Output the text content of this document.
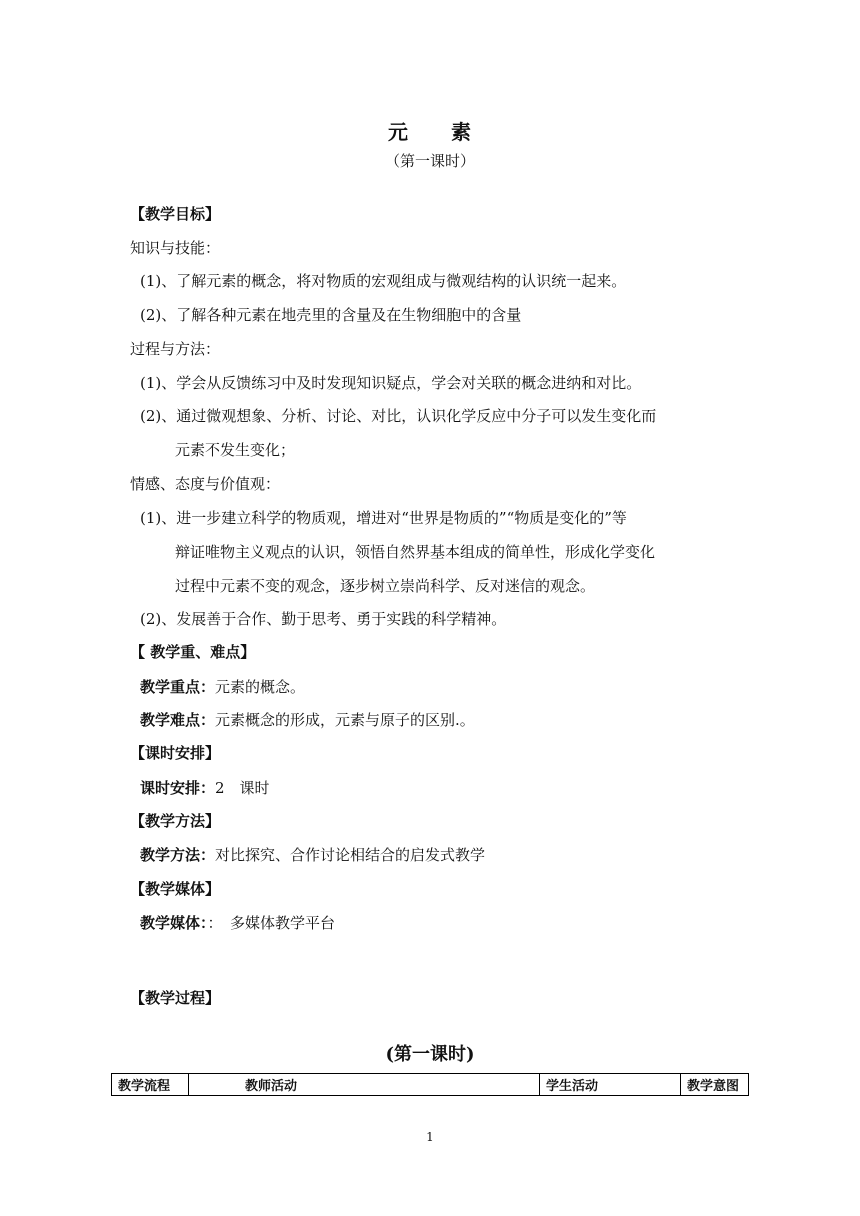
元　　素
（第一课时）
【教学目标】
知识与技能：
(1)、了解元素的概念，将对物质的宏观组成与微观结构的认识统一起来。
(2)、了解各种元素在地壳里的含量及在生物细胞中的含量
过程与方法：
(1)、学会从反馈练习中及时发现知识疑点，学会对关联的概念进纳和对比。
(2)、通过微观想象、分析、讨论、对比，认识化学反应中分子可以发生变化而
元素不发生变化；
情感、态度与价值观：
(1)、进一步建立科学的物质观，增进对“世界是物质的”“物质是变化的”等
辩证唯物主义观点的认识，领悟自然界基本组成的简单性，形成化学变化
过程中元素不变的观念，逐步树立崇尚科学、反对迷信的观念。
(2)、发展善于合作、勤于思考、勇于实践的科学精神。
【 教学重、难点】
教学重点：元素的概念。
教学难点：元素概念的形成，元素与原子的区别.。
【课时安排】
课时安排：2　课时
【教学方法】
教学方法：对比探究、合作讨论相结合的启发式教学
【教学媒体】
教学媒体：：　多媒体教学平台
【教学过程】
(第一课时)
教学流程	教师活动	学生活动	教学意图
1
